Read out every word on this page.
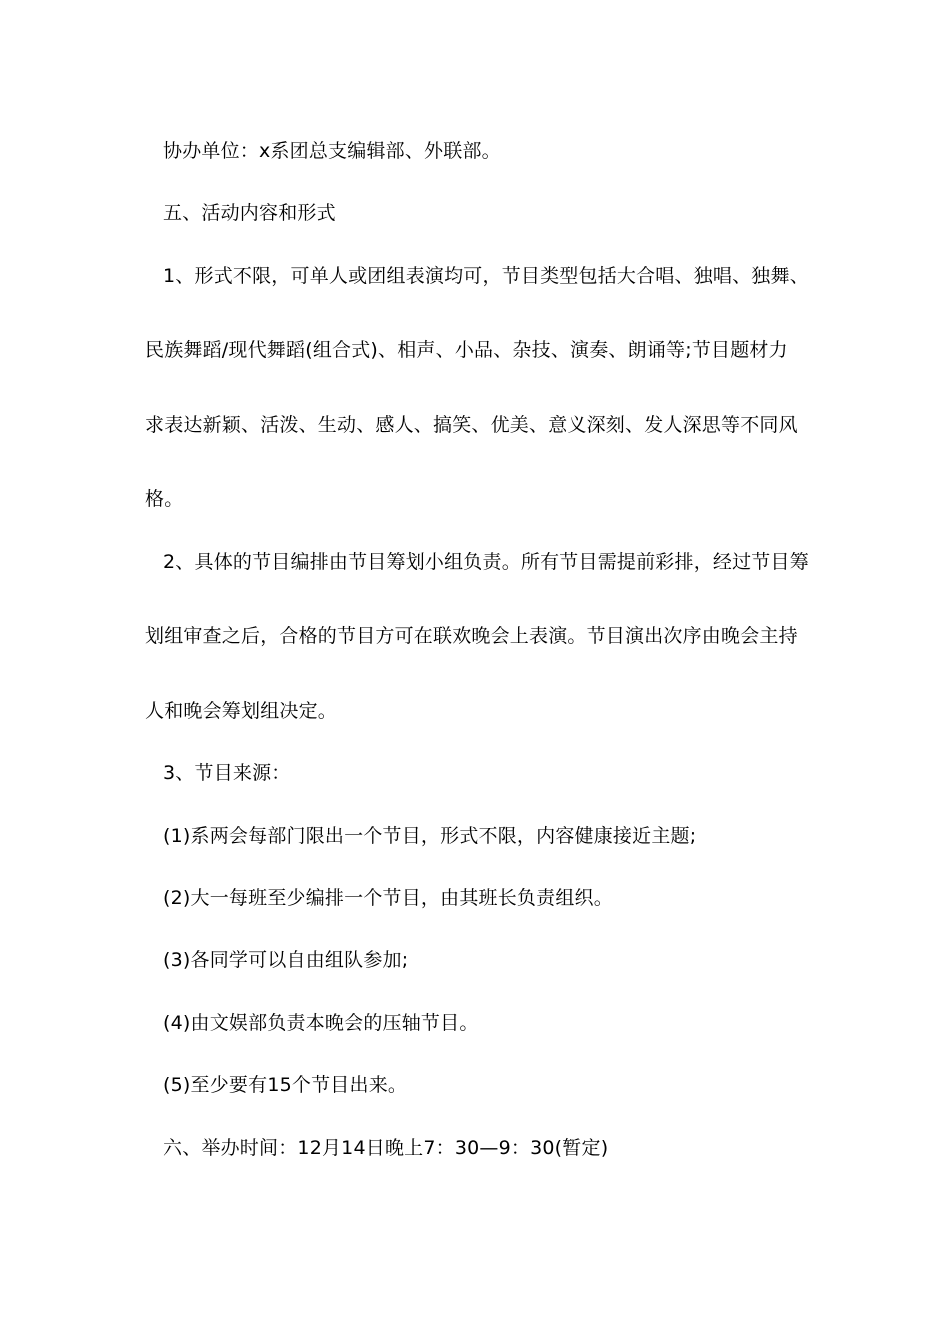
协办单位：x系团总支编辑部、外联部。
五、活动内容和形式
1、形式不限，可单人或团组表演均可，节目类型包括大合唱、独唱、独舞、
民族舞蹈/现代舞蹈(组合式)、相声、小品、杂技、演奏、朗诵等;节目题材力
求表达新颖、活泼、生动、感人、搞笑、优美、意义深刻、发人深思等不同风
格。
2、具体的节目编排由节目筹划小组负责。所有节目需提前彩排，经过节目筹
划组审查之后，合格的节目方可在联欢晚会上表演。节目演出次序由晚会主持
人和晚会筹划组决定。
3、节目来源：
(1)系两会每部门限出一个节目，形式不限，内容健康接近主题;
(2)大一每班至少编排一个节目，由其班长负责组织。
(3)各同学可以自由组队参加;
(4)由文娱部负责本晚会的压轴节目。
(5)至少要有15个节目出来。
六、举办时间：12月14日晚上7：30—9：30(暂定)
